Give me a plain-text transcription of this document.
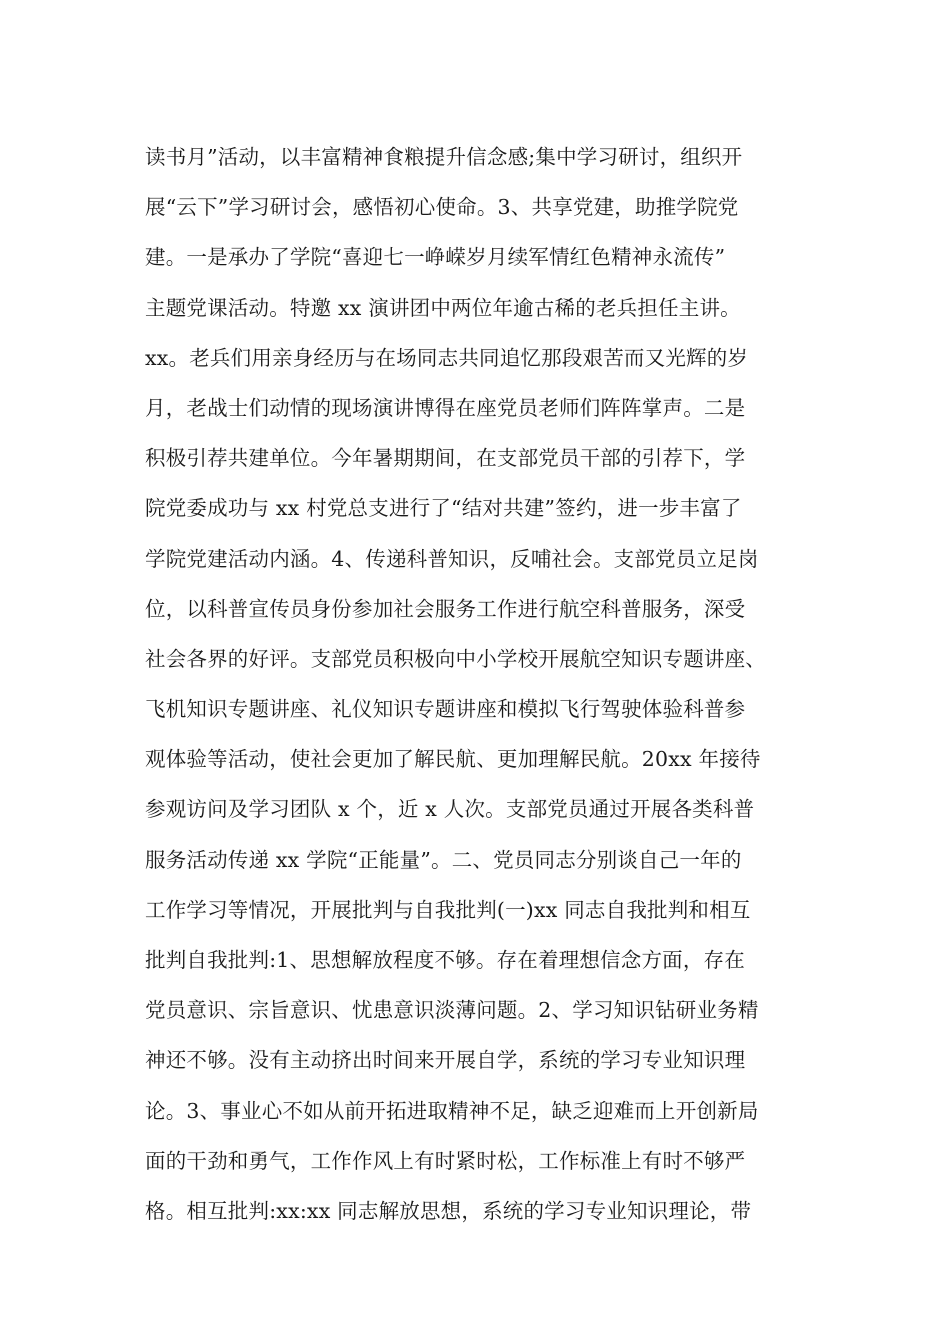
读书月”活动，以丰富精神食粮提升信念感;集中学习研讨，组织开
展“云下”学习研讨会，感悟初心使命。3、共享党建，助推学院党
建。一是承办了学院“喜迎七一峥嵘岁月续军情红色精神永流传”
主题党课活动。特邀 xx 演讲团中两位年逾古稀的老兵担任主讲。
xx。老兵们用亲身经历与在场同志共同追忆那段艰苦而又光辉的岁
月，老战士们动情的现场演讲博得在座党员老师们阵阵掌声。二是
积极引荐共建单位。今年暑期期间，在支部党员干部的引荐下，学
院党委成功与 xx 村党总支进行了“结对共建”签约，进一步丰富了
学院党建活动内涵。4、传递科普知识，反哺社会。支部党员立足岗
位，以科普宣传员身份参加社会服务工作进行航空科普服务，深受
社会各界的好评。支部党员积极向中小学校开展航空知识专题讲座、
飞机知识专题讲座、礼仪知识专题讲座和模拟飞行驾驶体验科普参
观体验等活动，使社会更加了解民航、更加理解民航。20xx 年接待
参观访问及学习团队 x 个，近 x 人次。支部党员通过开展各类科普
服务活动传递 xx 学院“正能量”。二、党员同志分别谈自己一年的
工作学习等情况，开展批判与自我批判(一)xx 同志自我批判和相互
批判自我批判:1、思想解放程度不够。存在着理想信念方面，存在
党员意识、宗旨意识、忧患意识淡薄问题。2、学习知识钻研业务精
神还不够。没有主动挤出时间来开展自学，系统的学习专业知识理
论。3、事业心不如从前开拓进取精神不足，缺乏迎难而上开创新局
面的干劲和勇气，工作作风上有时紧时松，工作标准上有时不够严
格。相互批判:xx:xx 同志解放思想，系统的学习专业知识理论，带
